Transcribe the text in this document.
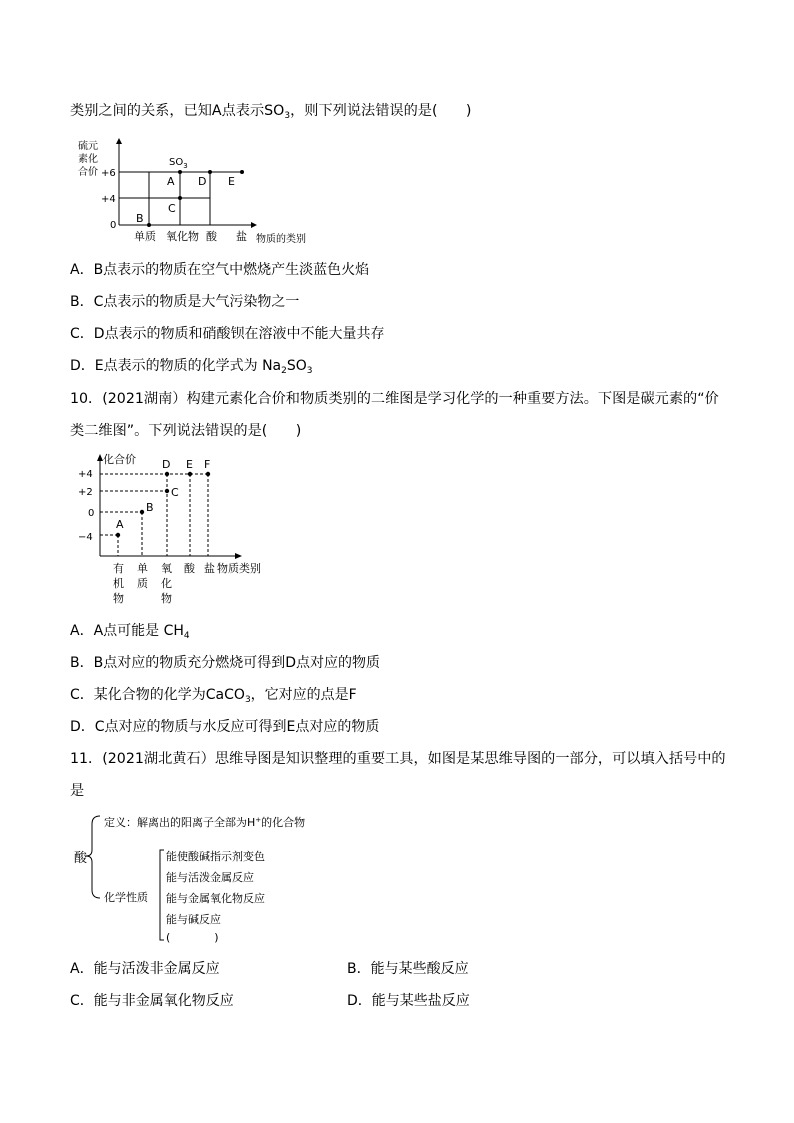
类别之间的关系，已知A点表示$SO_3$，则下列说法错误的是(　　)
硫元
素化
合价 +6
+4
0
B
A
$SO_3$
C
D E
单质 氧化物 酸 盐 物质的类别
A．B点表示的物质在空气中燃烧产生淡蓝色火焰
B．C点表示的物质是大气污染物之一
C．D点表示的物质和硝酸钡在溶液中不能大量共存
D．E点表示的物质的化学式为 $Na_2SO_3$
10．(2021湖南）构建元素化合价和物质类别的二维图是学习化学的一种重要方法。下图是碳元素的“价
类二维图”。下列说法错误的是(　　)
化合价
+4
+2
0
−4
A
B
C
D E F
有
机
物
单
质
氧
化
物
酸 盐 物质类别
A．A点可能是 $CH_4$
B．B点对应的物质充分燃烧可得到D点对应的物质
C．某化合物的化学为CaCO$_3$，它对应的点是F
D．C点对应的物质与水反应可得到E点对应的物质
11．(2021湖北黄石）思维导图是知识整理的重要工具，如图是某思维导图的一部分，可以填入括号中的
是
酸
定义：解离出的阳离子全部为H+的化合物
化学性质
能使酸碱指示剂变色
能与活泼金属反应
能与金属氧化物反应
能与碱反应
(　　　　)
A．能与活泼非金属反应	B．能与某些酸反应
C．能与非金属氧化物反应	D．能与某些盐反应
